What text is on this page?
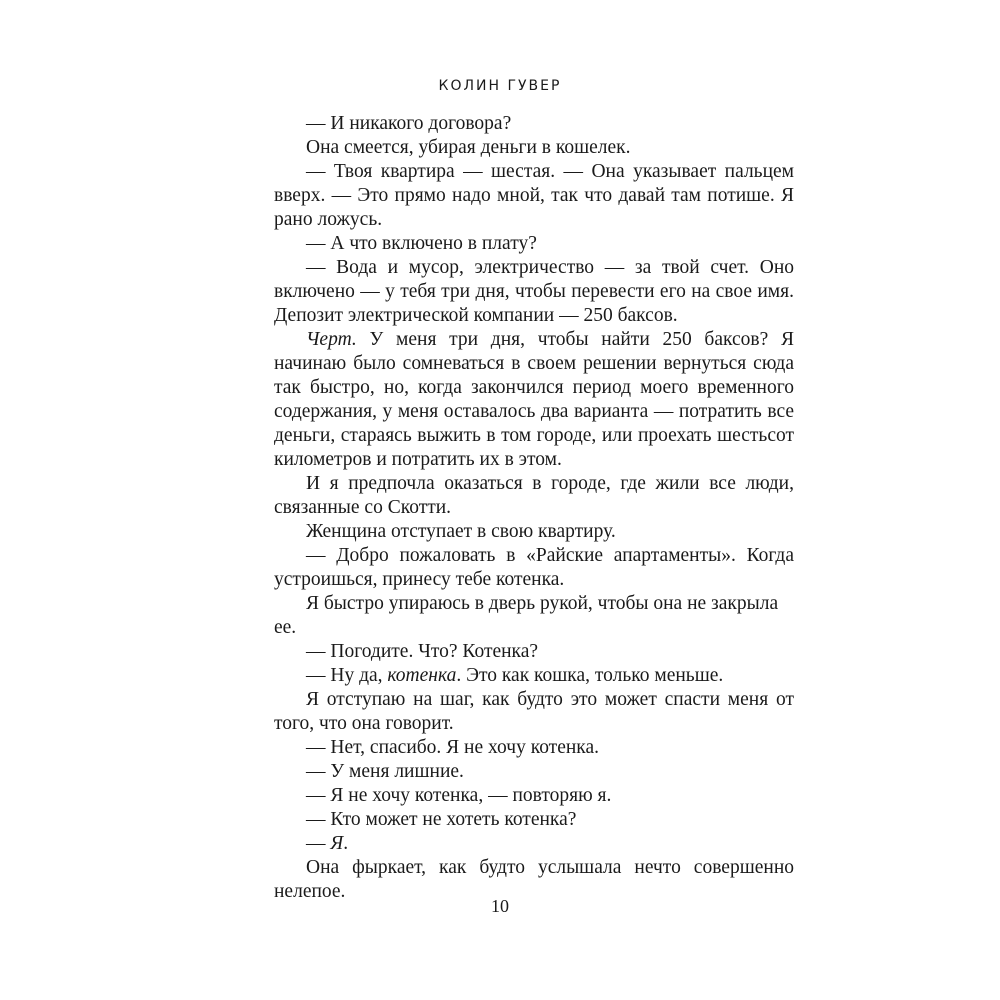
КОЛИН ГУВЕР

— И никакого договора?

Она смеется, убирая деньги в кошелек.

— Твоя квартира — шестая. — Она указывает пальцем вверх. — Это прямо надо мной, так что давай там потише. Я рано ложусь.

— А что включено в плату?

— Вода и мусор, электричество — за твой счет. Оно включено — у тебя три дня, чтобы перевести его на свое имя. Депозит электрической компании — 250 баксов.

Черт. У меня три дня, чтобы найти 250 баксов? Я начинаю было сомневаться в своем решении вернуться сюда так быстро, но, когда закончился период моего временного содержания, у меня оставалось два варианта — потратить все деньги, стараясь выжить в том городе, или проехать шестьсот километров и потратить их в этом.

И я предпочла оказаться в городе, где жили все люди, связанные со Скотти.

Женщина отступает в свою квартиру.

— Добро пожаловать в «Райские апартаменты». Когда устроишься, принесу тебе котенка.

Я быстро упираюсь в дверь рукой, чтобы она не закрыла ее.

— Погодите. Что? Котенка?

— Ну да, котенка. Это как кошка, только меньше.

Я отступаю на шаг, как будто это может спасти меня от того, что она говорит.

— Нет, спасибо. Я не хочу котенка.

— У меня лишние.

— Я не хочу котенка, — повторяю я.

— Кто может не хотеть котенка?

— Я.

Она фыркает, как будто услышала нечто совершенно нелепое.

10
